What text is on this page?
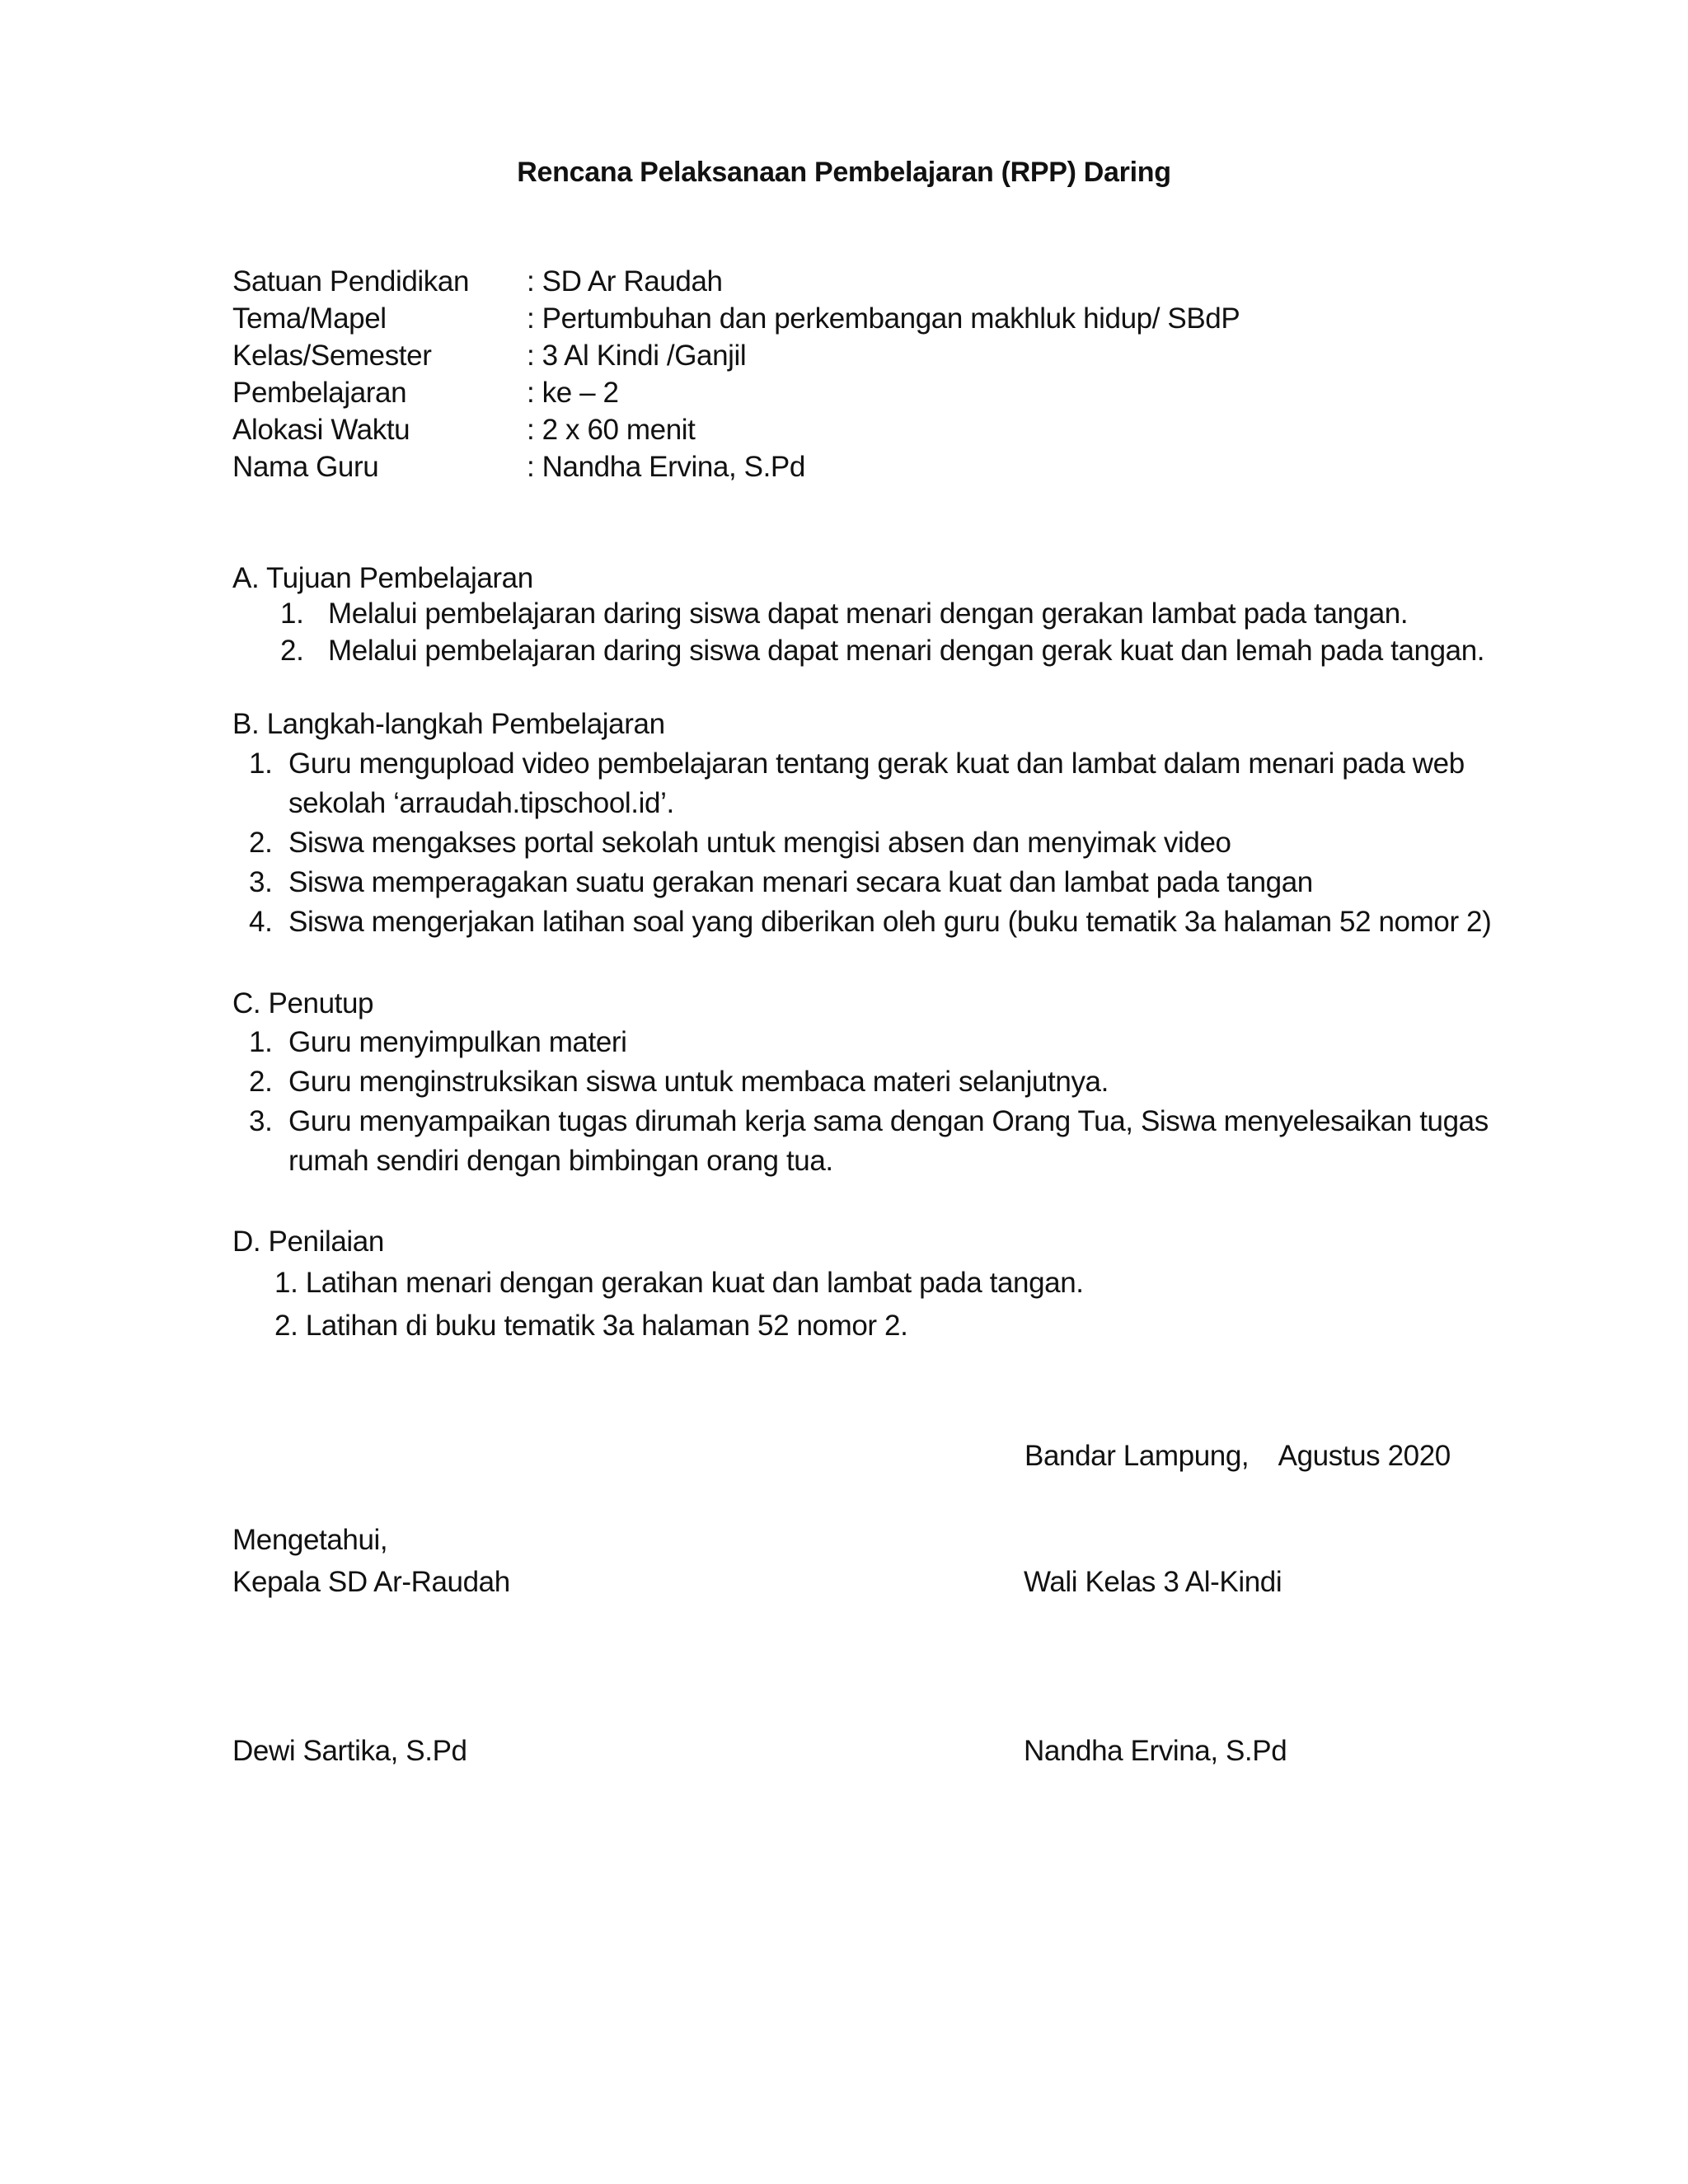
Rencana Pelaksanaan Pembelajaran (RPP) Daring
Satuan Pendidikan : SD Ar Raudah
Tema/Mapel	: Pertumbuhan dan perkembangan makhluk hidup/ SBdP
Kelas/Semester	: 3 Al Kindi /Ganjil
Pembelajaran	: ke – 2
Alokasi Waktu	: 2 x 60 menit
Nama Guru	: Nandha Ervina, S.Pd
A. Tujuan Pembelajaran
1. Melalui pembelajaran daring siswa dapat menari dengan gerakan lambat pada tangan.
2. Melalui pembelajaran daring siswa dapat menari dengan gerak kuat dan lemah pada tangan.
B. Langkah-langkah Pembelajaran
1. Guru mengupload video pembelajaran tentang gerak kuat dan lambat dalam menari pada web
sekolah ‘arraudah.tipschool.id’.
2. Siswa mengakses portal sekolah untuk mengisi absen dan menyimak video
3. Siswa memperagakan suatu gerakan menari secara kuat dan lambat pada tangan
4. Siswa mengerjakan latihan soal yang diberikan oleh guru (buku tematik 3a halaman 52 nomor 2)
C. Penutup
1. Guru menyimpulkan materi
2. Guru menginstruksikan siswa untuk membaca materi selanjutnya.
3. Guru menyampaikan tugas dirumah kerja sama dengan Orang Tua, Siswa menyelesaikan tugas
rumah sendiri dengan bimbingan orang tua.
D. Penilaian
1. Latihan menari dengan gerakan kuat dan lambat pada tangan.
2. Latihan di buku tematik 3a halaman 52 nomor 2.
Bandar Lampung,    Agustus 2020
Mengetahui,
Kepala SD Ar-Raudah	Wali Kelas 3 Al-Kindi
Dewi Sartika, S.Pd	Nandha Ervina, S.Pd
